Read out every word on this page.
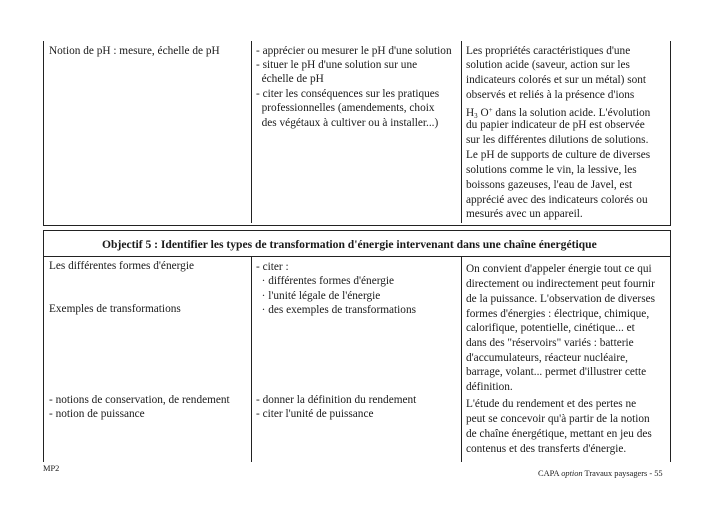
Notion de pH : mesure, échelle de pH	- apprécier ou mesurer le pH d'une solution
- situer le pH d'une solution sur une
échelle de pH
- citer les conséquences sur les pratiques
professionnelles (amendements, choix
des végétaux à cultiver ou à installer...)
Les propriétés caractéristiques d'une
solution acide (saveur, action sur les
indicateurs colorés et sur un métal) sont
observés et reliés à la présence d'ions
$H_3$ O+ dans la solution acide. L'évolution
du papier indicateur de pH est observée
sur les différentes dilutions de solutions.
Le pH de supports de culture de diverses
solutions comme le vin, la lessive, les
boissons gazeuses, l'eau de Javel, est
apprécié avec des indicateurs colorés ou
mesurés avec un appareil.
Objectif 5 : Identifier les types de transformation d'énergie intervenant dans une chaîne énergétique
Les différentes formes d'énergie
Exemples de transformations
- citer :
· différentes formes d'énergie
· l'unité légale de l'énergie
· des exemples de transformations
On convient d'appeler énergie tout ce qui
directement ou indirectement peut fournir
de la puissance. L'observation de diverses
formes d'énergies : électrique, chimique,
calorifique, potentielle, cinétique... et
dans des "réservoirs" variés : batterie
d'accumulateurs, réacteur nucléaire,
barrage, volant... permet d'illustrer cette
définition.
- notions de conservation, de rendement
- notion de puissance
- donner la définition du rendement
- citer l'unité de puissance
L'étude du rendement et des pertes ne
peut se concevoir qu'à partir de la notion
de chaîne énergétique, mettant en jeu des
contenus et des transferts d'énergie.
MP2
CAPA option Travaux paysagers - 55
